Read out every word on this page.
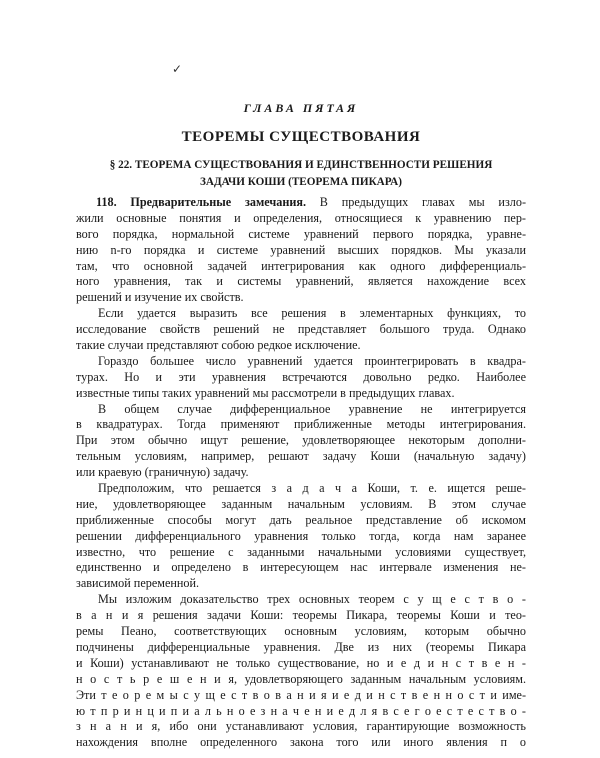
✓
ГЛАВА ПЯТАЯ
ТЕОРЕМЫ СУЩЕСТВОВАНИЯ
§ 22. ТЕОРЕМА СУЩЕСТВОВАНИЯ И ЕДИНСТВЕННОСТИ РЕШЕНИЯ
ЗАДАЧИ КОШИ (ТЕОРЕМА ПИКАРА)
118. Предварительные замечания. В предыдущих главах мы изло-
жили основные понятия и определения, относящиеся к уравнению пер-
вого порядка, нормальной системе уравнений первого порядка, уравне-
нию n-го порядка и системе уравнений высших порядков. Мы указали
там, что основной задачей интегрирования как одного дифференциаль-
ного уравнения, так и системы уравнений, является нахождение всех
решений и изучение их свойств.
Если удается выразить все решения в элементарных функциях, то
исследование свойств решений не представляет большого труда. Однако
такие случаи представляют собою редкое исключение.
Гораздо большее число уравнений удается проинтегрировать в квадра-
турах. Но и эти уравнения встречаются довольно редко. Наиболее
известные типы таких уравнений мы рассмотрели в предыдущих главах.
В общем случае дифференциальное уравнение не интегрируется
в квадратурах. Тогда применяют приближенные методы интегрирования.
При этом обычно ищут решение, удовлетворяющее некоторым дополни-
тельным условиям, например, решают задачу Коши (начальную задачу)
или краевую (граничную) задачу.
Предположим, что решается з а д а ч а Коши, т. е. ищется реше-
ние, удовлетворяющее заданным начальным условиям. В этом случае
приближенные способы могут дать реальное представление об искомом
решении дифференциального уравнения только тогда, когда нам заранее
известно, что решение с заданными начальными условиями существует,
единственно и определено в интересующем нас интервале изменения не-
зависимой переменной.
Мы изложим доказательство трех основных теорем с у щ е с т в о -
в а н и я решения задачи Коши: теоремы Пикара, теоремы Коши и тео-
ремы Пеано, соответствующих основным условиям, которым обычно
подчинены дифференциальные уравнения. Две из них (теоремы Пикара
и Коши) устанавливают не только существование, но и е д и н с т в е н -
н о с т ь р е ш е н и я, удовлетворяющего заданным начальным условиям.
Эти т е о р е м ы с у щ е с т в о в а н и я и е д и н с т в е н н о с т и име-
ю т п р и н ц и п и а л ь н о е з н а ч е н и е д л я в с е г о е с т е с т в о -
з н а н и я, ибо они устанавливают условия, гарантирующие возможность
нахождения вполне определенного закона того или иного явления п о
